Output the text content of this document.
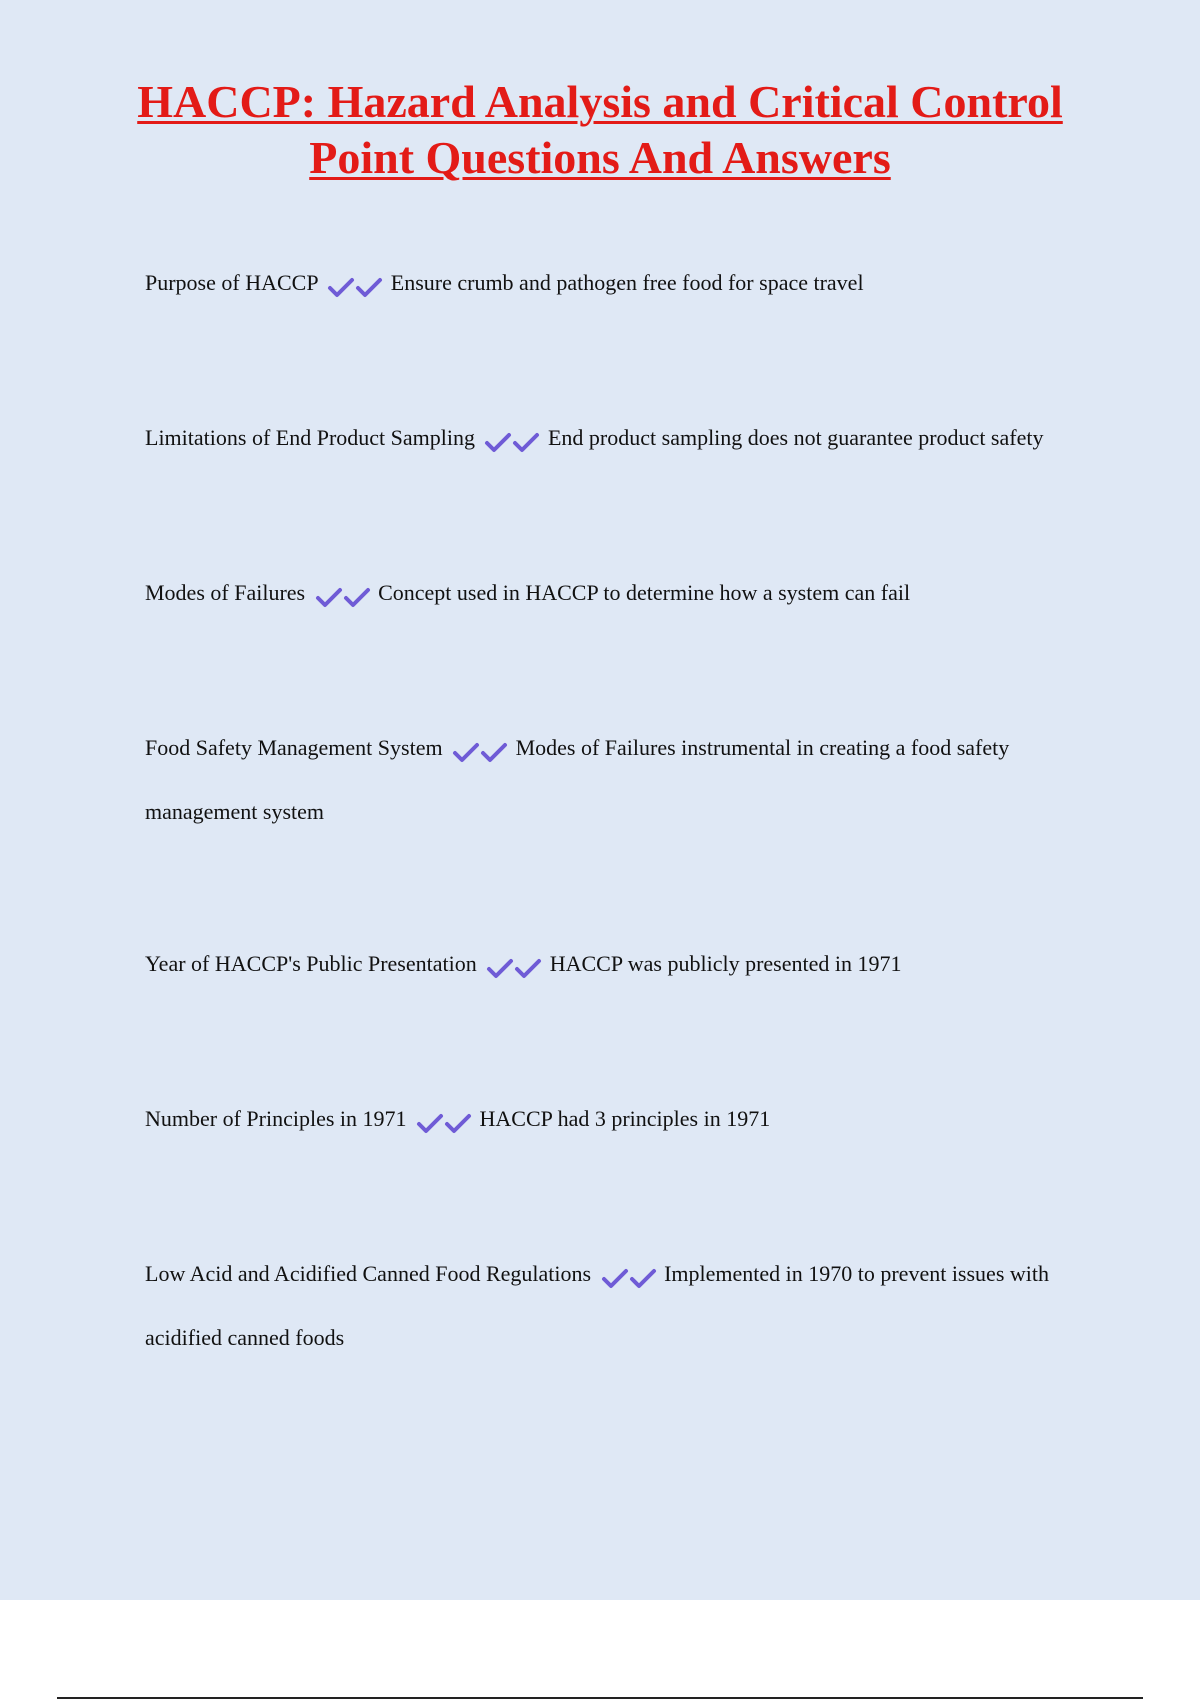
HACCP: Hazard Analysis and Critical Control Point Questions And Answers
Purpose of HACCP	Ensure crumb and pathogen free food for space travel
Limitations of End Product Sampling	End product sampling does not guarantee product safety
Modes of Failures	Concept used in HACCP to determine how a system can fail
Food Safety Management System	Modes of Failures instrumental in creating a food safety management system
Year of HACCP's Public Presentation	HACCP was publicly presented in 1971
Number of Principles in 1971	HACCP had 3 principles in 1971
Low Acid and Acidified Canned Food Regulations	Implemented in 1970 to prevent issues with acidified canned foods
